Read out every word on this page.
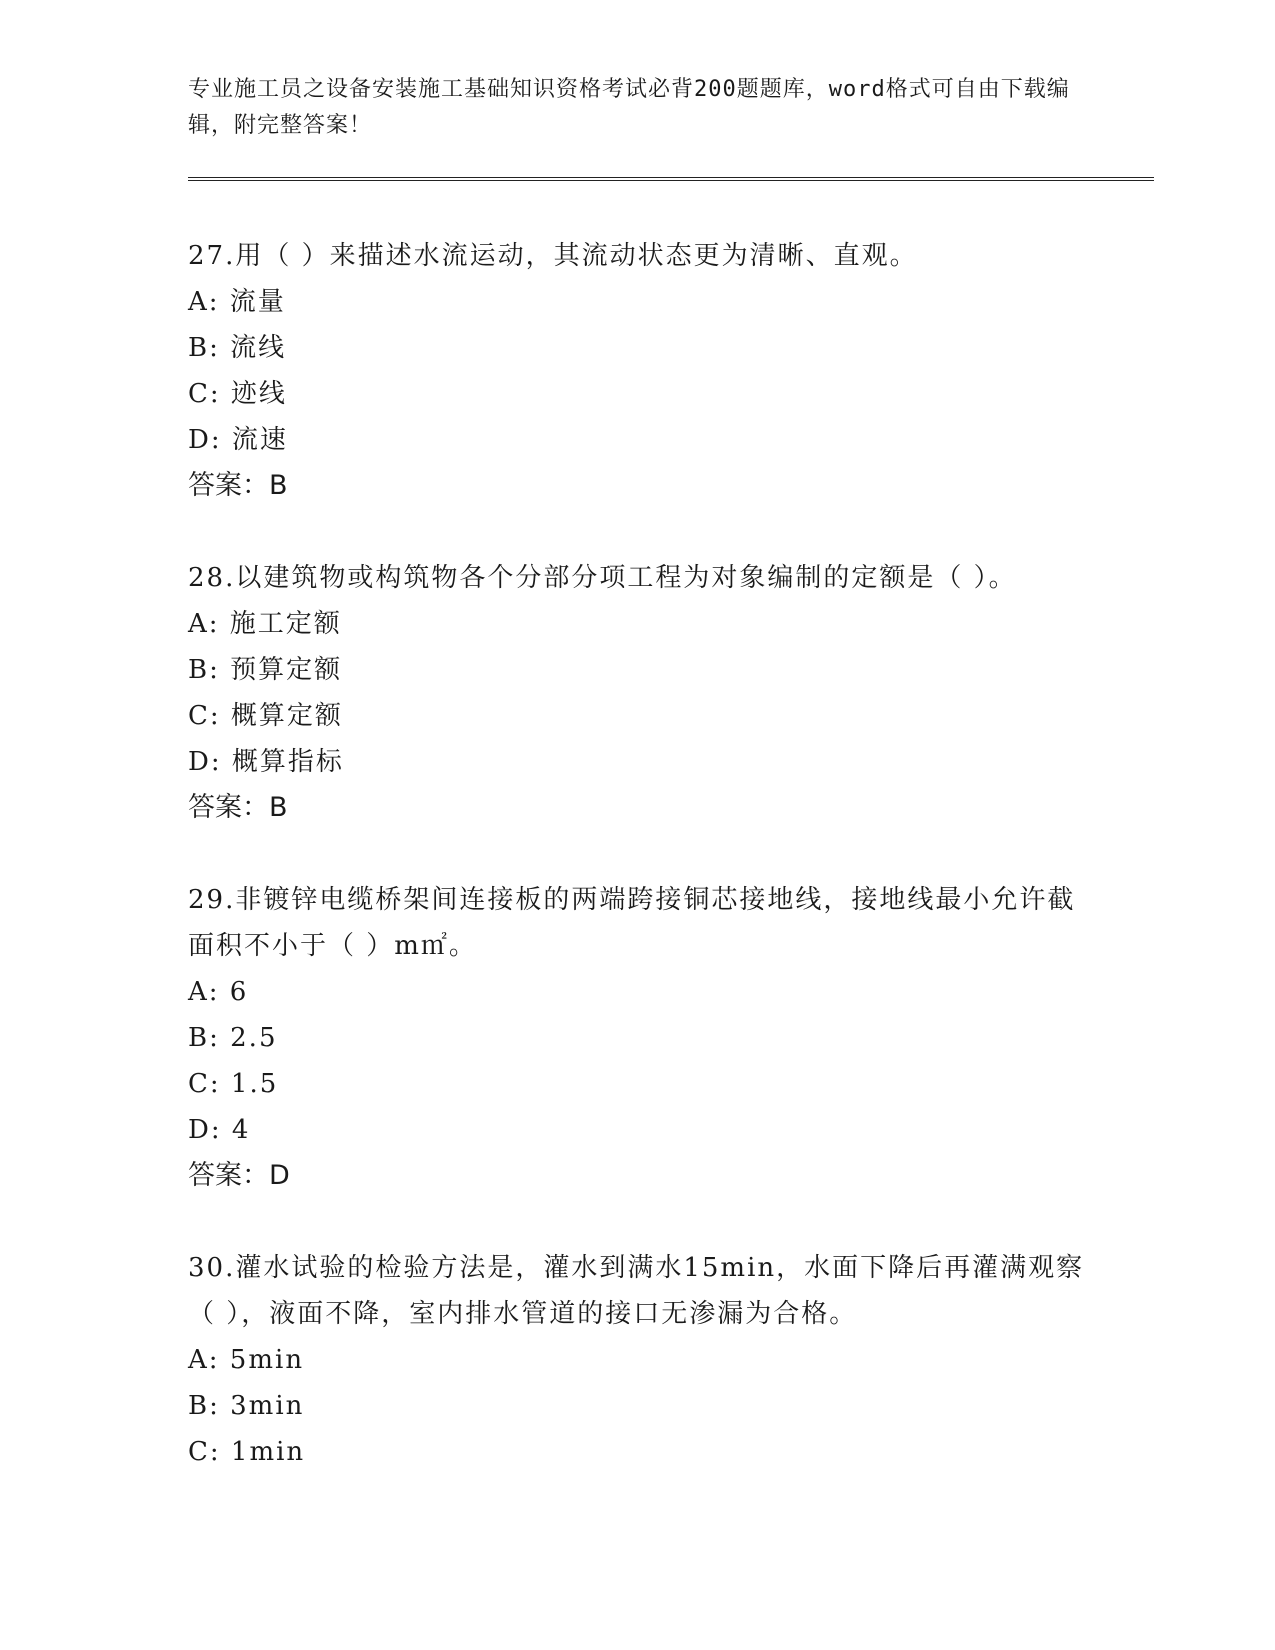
专业施工员之设备安装施工基础知识资格考试必背200题题库，word格式可自由下载编辑，附完整答案！

27.用（ ）来描述水流运动，其流动状态更为清晰、直观。

A: 流量

B: 流线

C: 迹线

D: 流速

答案：B

28.以建筑物或构筑物各个分部分项工程为对象编制的定额是（ ）。

A: 施工定额

B: 预算定额

C: 概算定额

D: 概算指标

答案：B

29.非镀锌电缆桥架间连接板的两端跨接铜芯接地线，接地线最小允许截面积不小于（ ）m㎡。

A: 6

B: 2.5

C: 1.5

D: 4

答案：D

30.灌水试验的检验方法是，灌水到满水15min，水面下降后再灌满观察（ ），液面不降，室内排水管道的接口无渗漏为合格。

A: 5min

B: 3min

C: 1min
